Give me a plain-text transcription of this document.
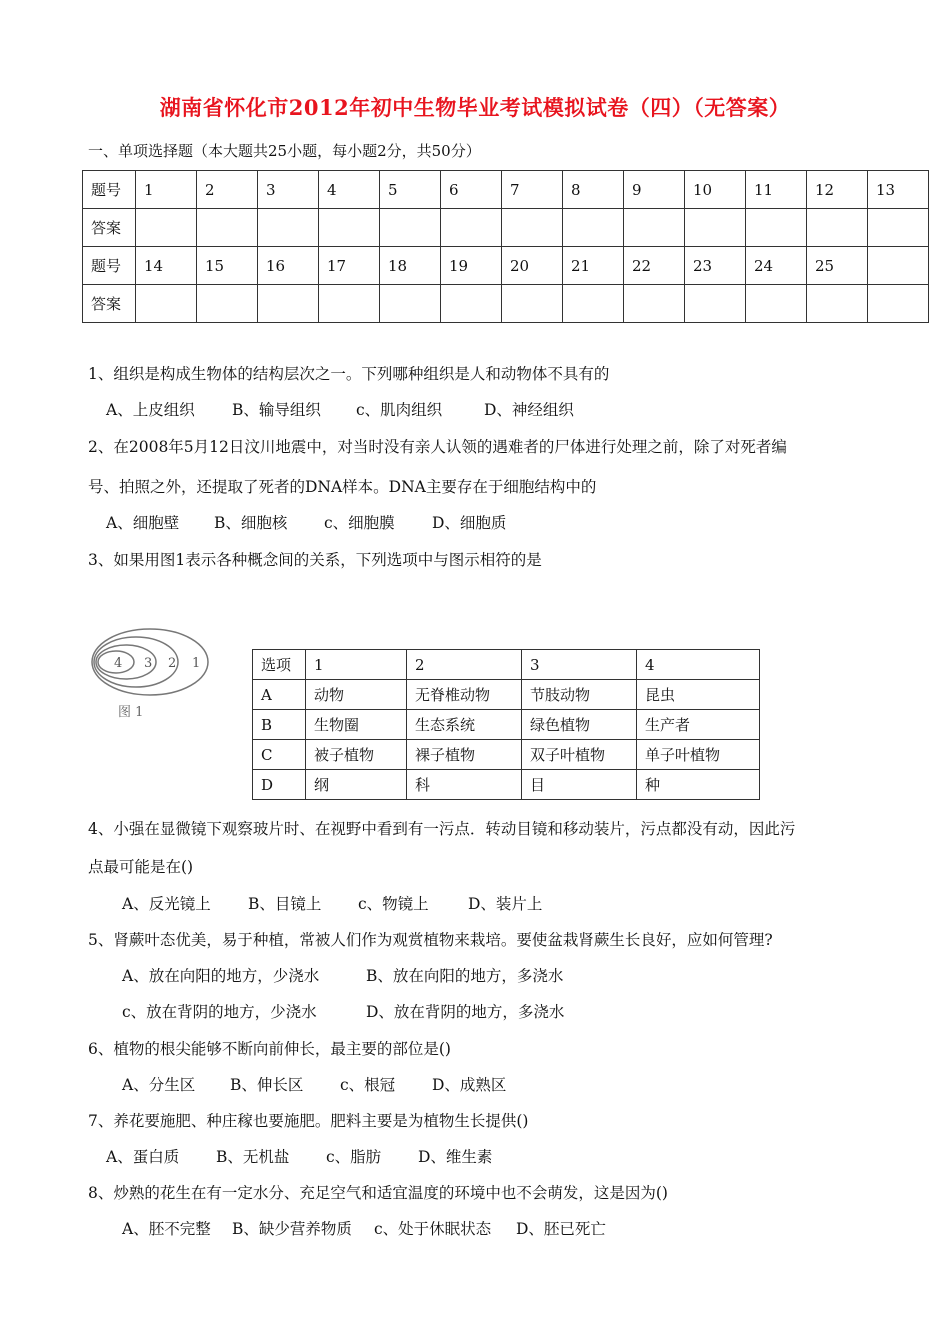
湖南省怀化市2012年初中生物毕业考试模拟试卷（四）（无答案）
一、单项选择题（本大题共25小题，每小题2分，共50分）
题号	1	2	3	4	5	6	7	8	9	10	11	12	13
答案													
题号	14	15	16	17	18	19	20	21	22	23	24	25	
答案													
1、组织是构成生物体的结构层次之一。下列哪种组织是人和动物体不具有的
A、上皮组织 B、输导组织 c、肌肉组织	D、神经组织
2、在2008年5月12日汶川地震中，对当时没有亲人认领的遇难者的尸体进行处理之前，除了对死者编
号、拍照之外，还提取了死者的DNA样本。DNA主要存在于细胞结构中的
A、细胞壁 B、细胞核 c、细胞膜 D、细胞质
3、如果用图1表示各种概念间的关系，下列选项中与图示相符的是
4 3 2 1
图 1
选项	1	2	3	4
A	动物	无脊椎动物	节肢动物	昆虫
B	生物圈	生态系统	绿色植物	生产者
C	被子植物	裸子植物	双子叶植物	单子叶植物
D	纲	科	目	种
4、小强在显微镜下观察玻片时、在视野中看到有一污点．转动目镜和移动装片，污点都没有动，因此污
点最可能是在()
A、反光镜上 B、目镜上 c、物镜上	D、装片上
5、肾蕨叶态优美，易于种植，常被人们作为观赏植物来栽培。要使盆栽肾蕨生长良好，应如何管理?
A、放在向阳的地方，少浇水	B、放在向阳的地方，多浇水
c、放在背阴的地方，少浇水	D、放在背阴的地方，多浇水
6、植物的根尖能够不断向前伸长，最主要的部位是()
A、分生区 B、伸长区 c、根冠 D、成熟区
7、养花要施肥、种庄稼也要施肥。肥料主要是为植物生长提供()
A、蛋白质 B、无机盐 c、脂肪 D、维生素
8、炒熟的花生在有一定水分、充足空气和适宜温度的环境中也不会萌发，这是因为()
A、胚不完整 B、缺少营养物质 c、处于休眠状态 D、胚已死亡
